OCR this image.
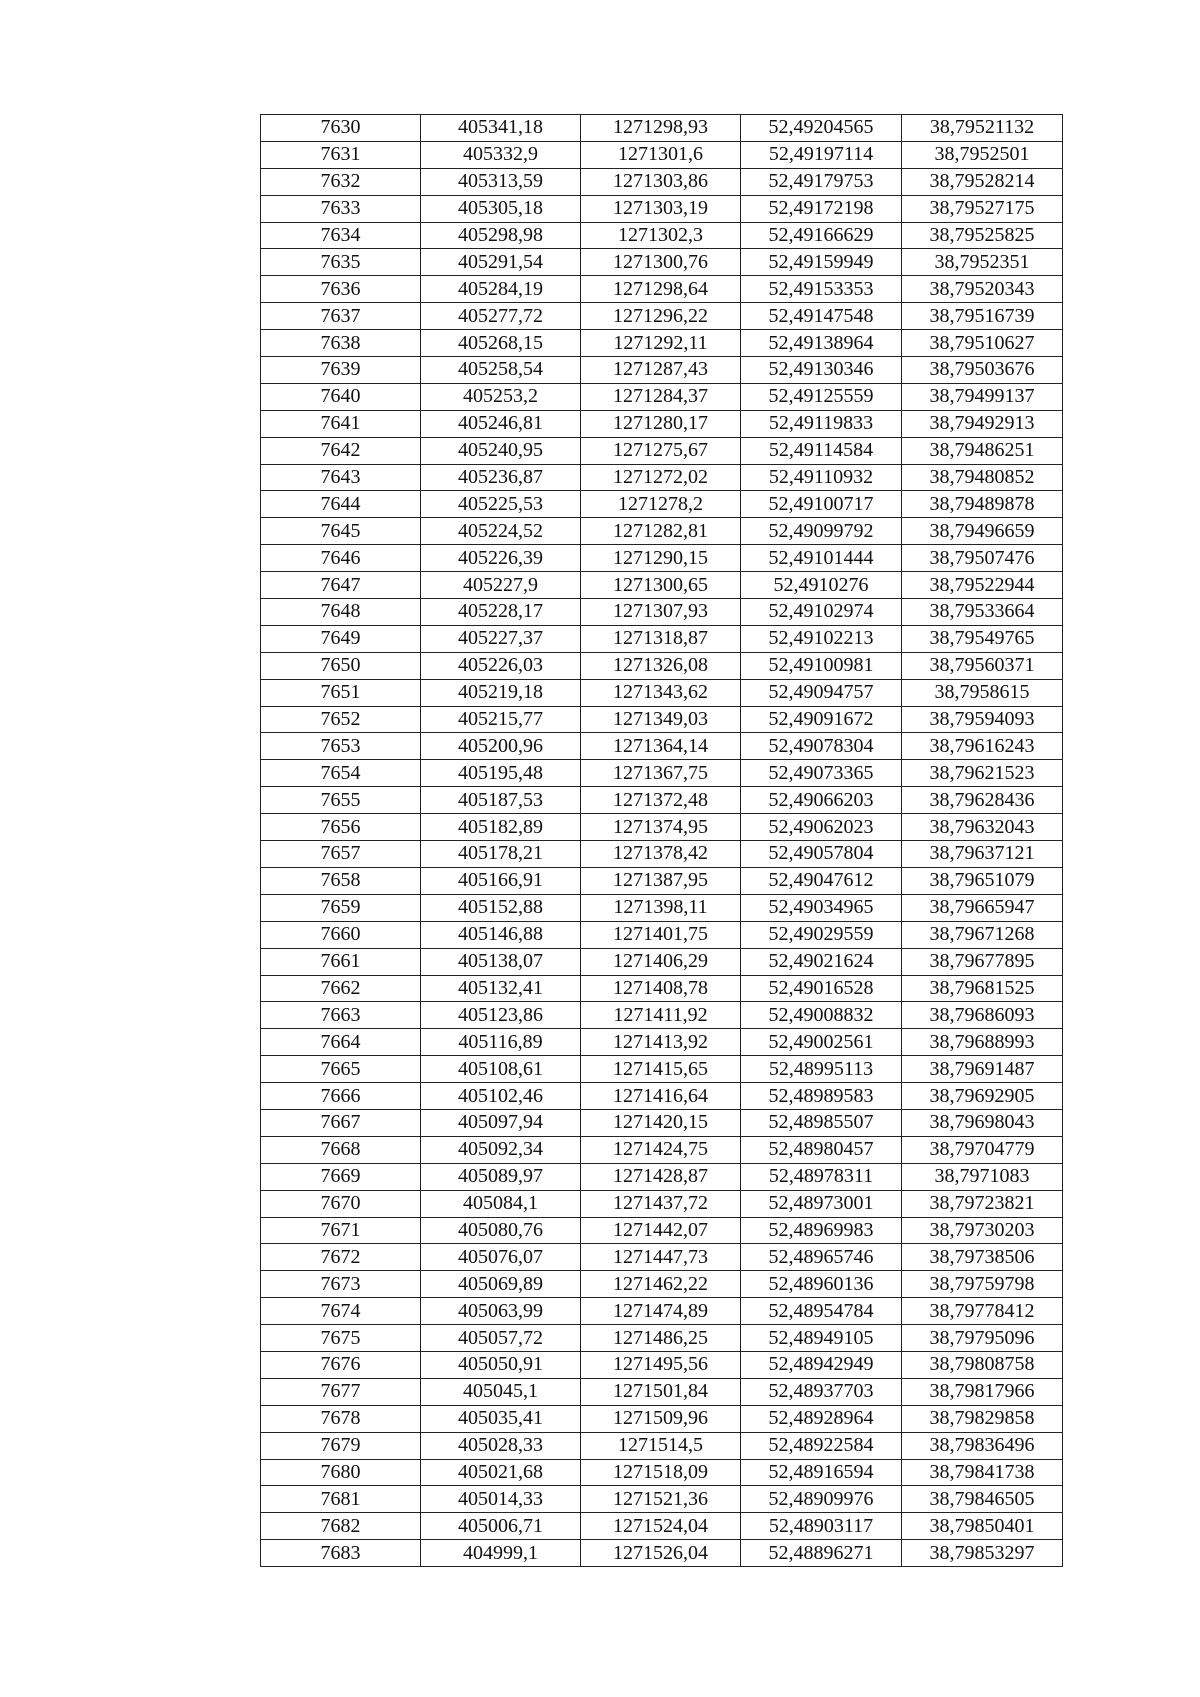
7630	405341,18	1271298,93	52,49204565	38,79521132
7631	405332,9	1271301,6	52,49197114	38,7952501
7632	405313,59	1271303,86	52,49179753	38,79528214
7633	405305,18	1271303,19	52,49172198	38,79527175
7634	405298,98	1271302,3	52,49166629	38,79525825
7635	405291,54	1271300,76	52,49159949	38,7952351
7636	405284,19	1271298,64	52,49153353	38,79520343
7637	405277,72	1271296,22	52,49147548	38,79516739
7638	405268,15	1271292,11	52,49138964	38,79510627
7639	405258,54	1271287,43	52,49130346	38,79503676
7640	405253,2	1271284,37	52,49125559	38,79499137
7641	405246,81	1271280,17	52,49119833	38,79492913
7642	405240,95	1271275,67	52,49114584	38,79486251
7643	405236,87	1271272,02	52,49110932	38,79480852
7644	405225,53	1271278,2	52,49100717	38,79489878
7645	405224,52	1271282,81	52,49099792	38,79496659
7646	405226,39	1271290,15	52,49101444	38,79507476
7647	405227,9	1271300,65	52,4910276	38,79522944
7648	405228,17	1271307,93	52,49102974	38,79533664
7649	405227,37	1271318,87	52,49102213	38,79549765
7650	405226,03	1271326,08	52,49100981	38,79560371
7651	405219,18	1271343,62	52,49094757	38,7958615
7652	405215,77	1271349,03	52,49091672	38,79594093
7653	405200,96	1271364,14	52,49078304	38,79616243
7654	405195,48	1271367,75	52,49073365	38,79621523
7655	405187,53	1271372,48	52,49066203	38,79628436
7656	405182,89	1271374,95	52,49062023	38,79632043
7657	405178,21	1271378,42	52,49057804	38,79637121
7658	405166,91	1271387,95	52,49047612	38,79651079
7659	405152,88	1271398,11	52,49034965	38,79665947
7660	405146,88	1271401,75	52,49029559	38,79671268
7661	405138,07	1271406,29	52,49021624	38,79677895
7662	405132,41	1271408,78	52,49016528	38,79681525
7663	405123,86	1271411,92	52,49008832	38,79686093
7664	405116,89	1271413,92	52,49002561	38,79688993
7665	405108,61	1271415,65	52,48995113	38,79691487
7666	405102,46	1271416,64	52,48989583	38,79692905
7667	405097,94	1271420,15	52,48985507	38,79698043
7668	405092,34	1271424,75	52,48980457	38,79704779
7669	405089,97	1271428,87	52,48978311	38,7971083
7670	405084,1	1271437,72	52,48973001	38,79723821
7671	405080,76	1271442,07	52,48969983	38,79730203
7672	405076,07	1271447,73	52,48965746	38,79738506
7673	405069,89	1271462,22	52,48960136	38,79759798
7674	405063,99	1271474,89	52,48954784	38,79778412
7675	405057,72	1271486,25	52,48949105	38,79795096
7676	405050,91	1271495,56	52,48942949	38,79808758
7677	405045,1	1271501,84	52,48937703	38,79817966
7678	405035,41	1271509,96	52,48928964	38,79829858
7679	405028,33	1271514,5	52,48922584	38,79836496
7680	405021,68	1271518,09	52,48916594	38,79841738
7681	405014,33	1271521,36	52,48909976	38,79846505
7682	405006,71	1271524,04	52,48903117	38,79850401
7683	404999,1	1271526,04	52,48896271	38,79853297
